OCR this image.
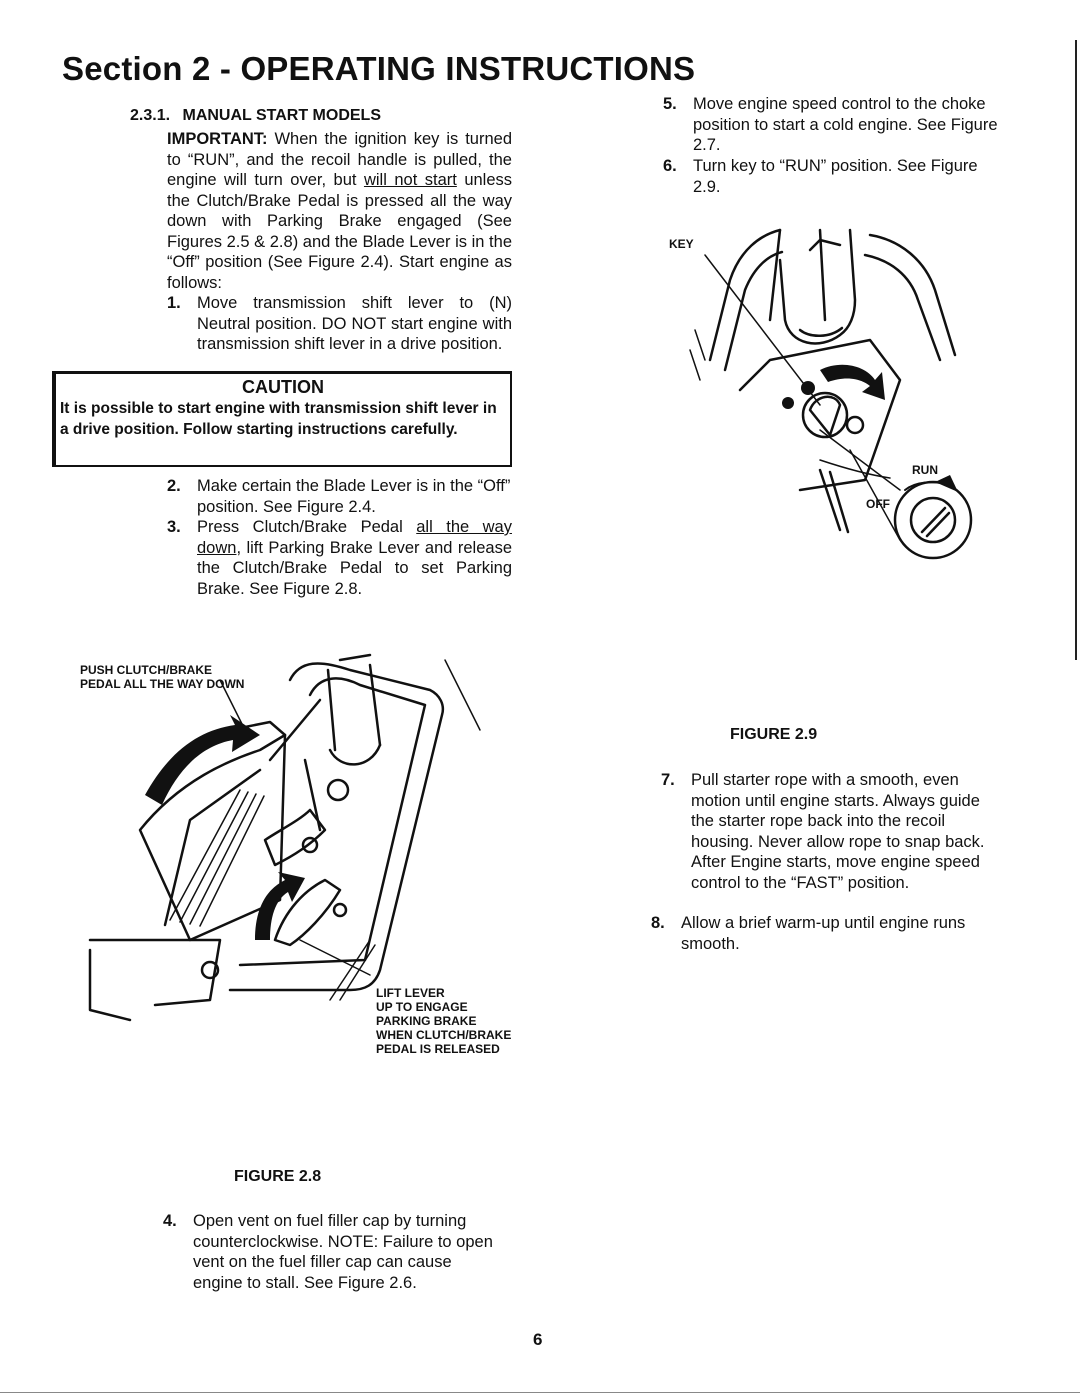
Section 2 - OPERATING INSTRUCTIONS
2.3.1. MANUAL START MODELS
IMPORTANT: When the ignition key is turned to “RUN”, and the recoil handle is pulled, the engine will turn over, but will not start unless the Clutch/Brake Pedal is pressed all the way down with Parking Brake engaged (See Figures 2.5 & 2.8) and the Blade Lever is in the “Off” position (See Figure 2.4). Start engine as follows:
1. Move transmission shift lever to (N) Neutral position. DO NOT start engine with transmission shift lever in a drive position.
CAUTION
It is possible to start engine with transmission shift lever in a drive position. Follow starting instructions carefully.
2. Make certain the Blade Lever is in the “Off” position. See Figure 2.4.
3. Press Clutch/Brake Pedal all the way down, lift Parking Brake Lever and release the Clutch/Brake Pedal to set Parking Brake. See Figure 2.8.
PUSH CLUTCH/BRAKE PEDAL ALL THE WAY DOWN
LIFT LEVER
UP TO ENGAGE
PARKING BRAKE
WHEN CLUTCH/BRAKE
PEDAL IS RELEASED
FIGURE 2.8
4. Open vent on fuel filler cap by turning counterclockwise. NOTE: Failure to open vent on the fuel filler cap can cause engine to stall. See Figure 2.6.
5. Move engine speed control to the choke position to start a cold engine. See Figure 2.7.
6. Turn key to “RUN” position. See Figure 2.9.
KEY
RUN
OFF
FIGURE 2.9
7. Pull starter rope with a smooth, even motion until engine starts. Always guide the starter rope back into the recoil housing. Never allow rope to snap back. After Engine starts, move engine speed control to the “FAST” position.
8. Allow a brief warm-up until engine runs smooth.
6
